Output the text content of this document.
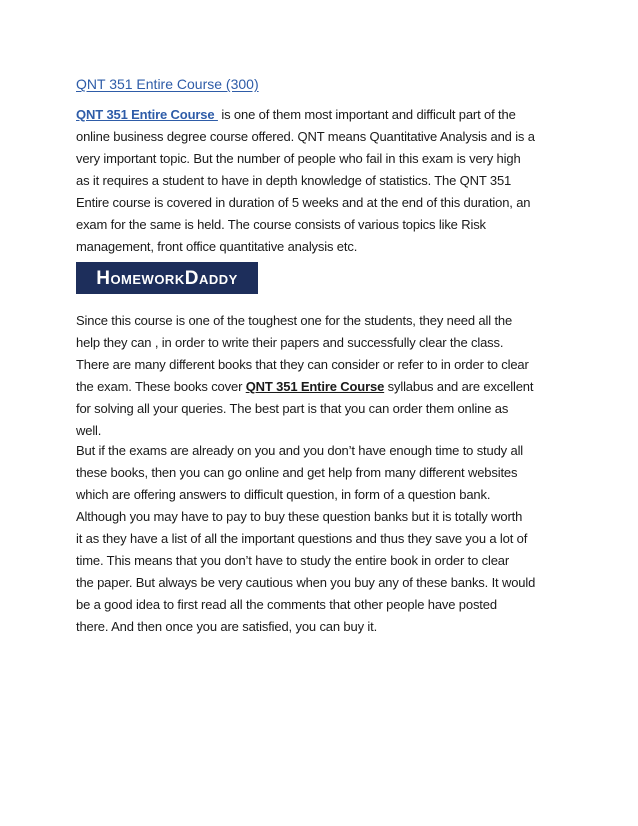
QNT 351 Entire Course (300)
QNT 351 Entire Course  is one of them most important and difficult part of the
online business degree course offered. QNT means Quantitative Analysis and is a
very important topic. But the number of people who fail in this exam is very high
as it requires a student to have in depth knowledge of statistics. The QNT 351
Entire course is covered in duration of 5 weeks and at the end of this duration, an
exam for the same is held. The course consists of various topics like Risk
management, front office quantitative analysis etc.
HOMEWORKDADDY
Since this course is one of the toughest one for the students, they need all the
help they can , in order to write their papers and successfully clear the class.
There are many different books that they can consider or refer to in order to clear
the exam. These books cover QNT 351 Entire Course syllabus and are excellent
for solving all your queries. The best part is that you can order them online as
well.
But if the exams are already on you and you don’t have enough time to study all
these books, then you can go online and get help from many different websites
which are offering answers to difficult question, in form of a question bank.
Although you may have to pay to buy these question banks but it is totally worth
it as they have a list of all the important questions and thus they save you a lot of
time. This means that you don’t have to study the entire book in order to clear
the paper. But always be very cautious when you buy any of these banks. It would
be a good idea to first read all the comments that other people have posted
there. And then once you are satisfied, you can buy it.
